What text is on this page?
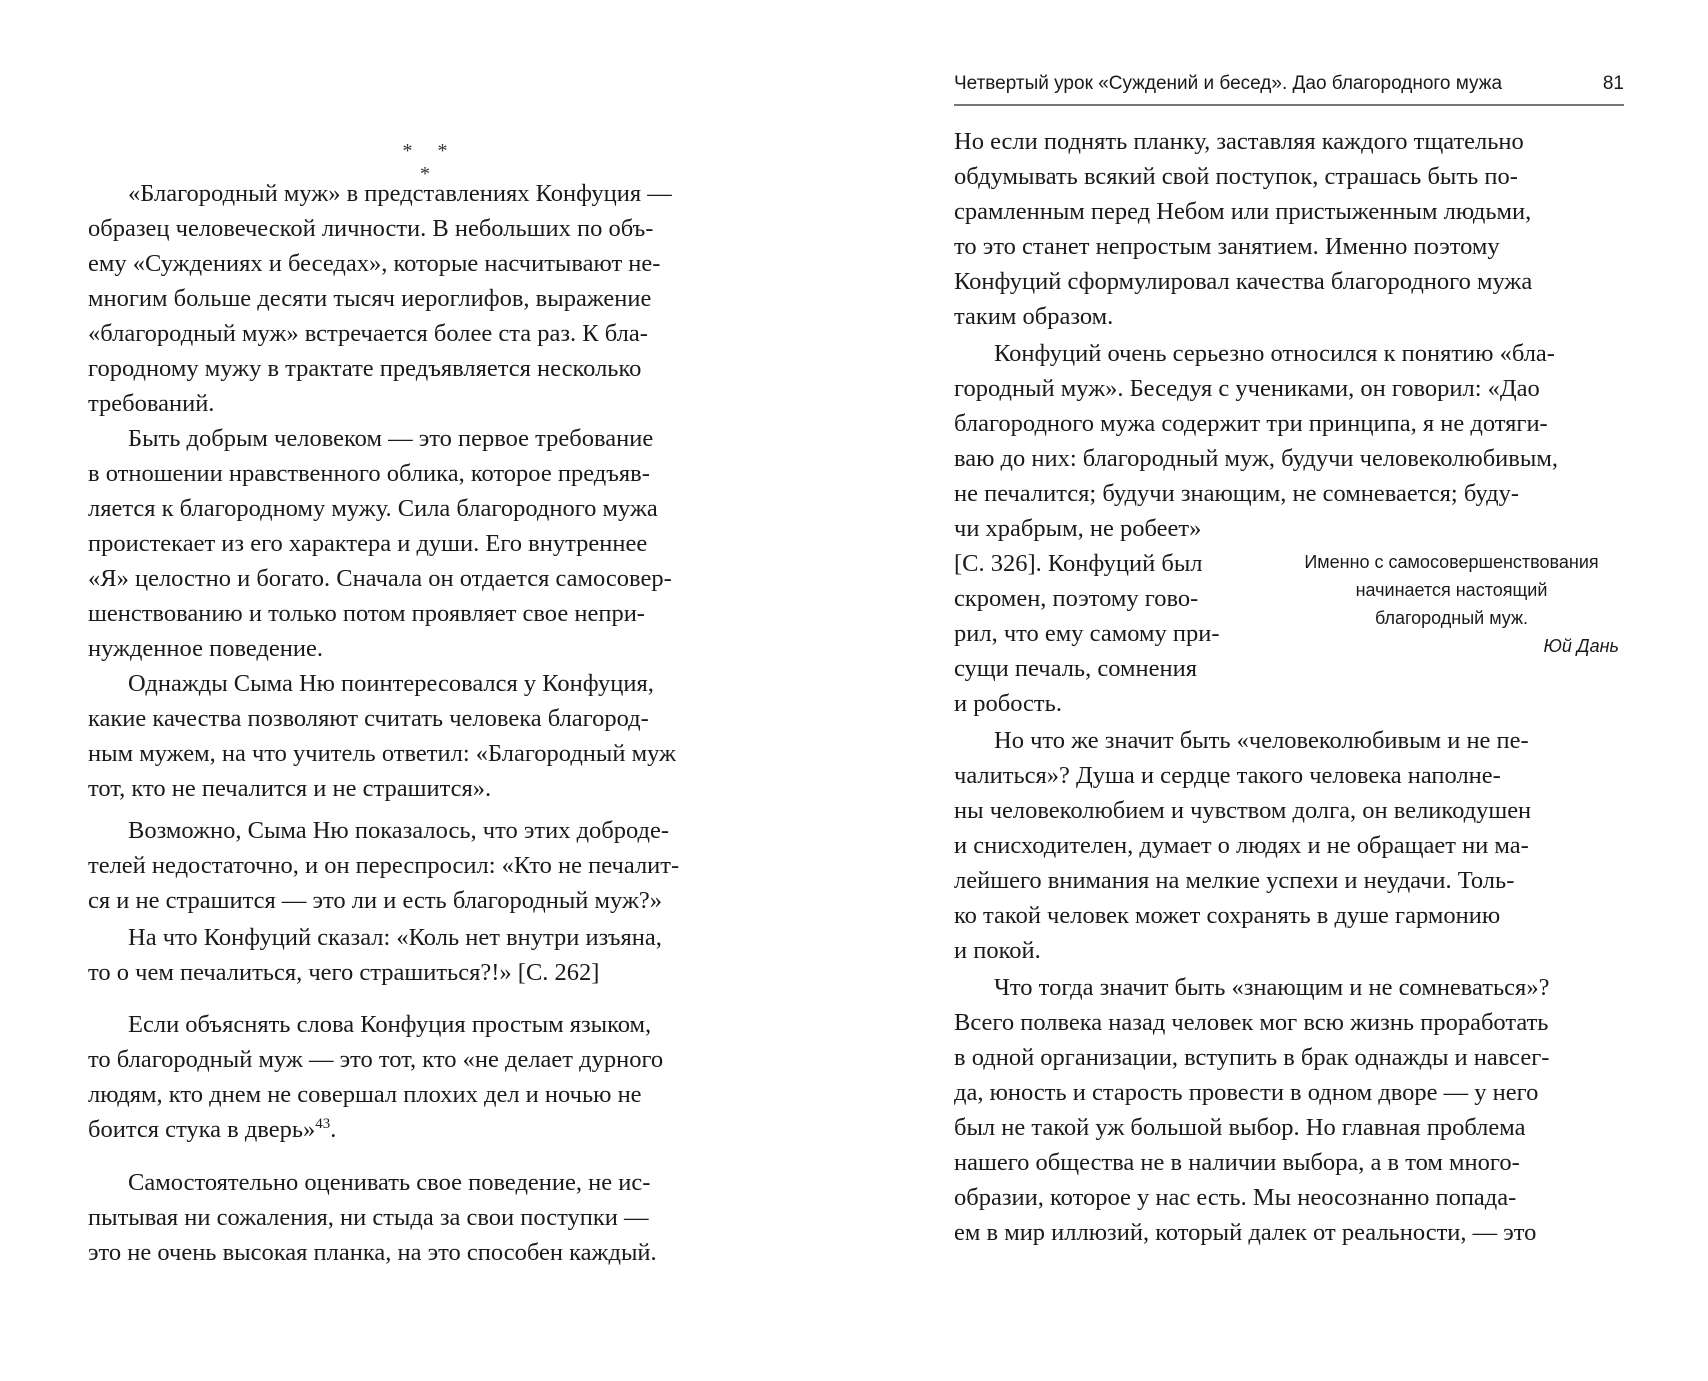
* * *
«Благородный муж» в представлениях Конфуция —
образец человеческой личности. В небольших по объ-
ему «Суждениях и беседах», которые насчитывают не-
многим больше десяти тысяч иероглифов, выражение
«благородный муж» встречается более ста раз. К бла-
городному мужу в трактате предъявляется несколько
требований.
Быть добрым человеком — это первое требование
в отношении нравственного облика, которое предъяв-
ляется к благородному мужу. Сила благородного мужа
проистекает из его характера и души. Его внутреннее
«Я» целостно и богато. Сначала он отдается самосовер-
шенствованию и только потом проявляет свое непри-
нужденное поведение.
Однажды Сыма Ню поинтересовался у Конфуция,
какие качества позволяют считать человека благород-
ным мужем, на что учитель ответил: «Благородный муж
тот, кто не печалится и не страшится».
Возможно, Сыма Ню показалось, что этих доброде-
телей недостаточно, и он переспросил: «Кто не печалит-
ся и не страшится — это ли и есть благородный муж?»
На что Конфуций сказал: «Коль нет внутри изъяна,
то о чем печалиться, чего страшиться?!» [С. 262]
Если объяснять слова Конфуция простым языком,
то благородный муж — это тот, кто «не делает дурного
людям, кто днем не совершал плохих дел и ночью не
боится стука в дверь»$^{43}$.
Самостоятельно оценивать свое поведение, не ис-
пытывая ни сожаления, ни стыда за свои поступки —
это не очень высокая планка, на это способен каждый.
Четвертый урок «Суждений и бесед». Дао благородного мужа	81
Но если поднять планку, заставляя каждого тщательно
обдумывать всякий свой поступок, страшась быть по-
срамленным перед Небом или пристыженным людьми,
то это станет непростым занятием. Именно поэтому
Конфуций сформулировал качества благородного мужа
таким образом.
Конфуций очень серьезно относился к понятию «бла-
городный муж». Беседуя с учениками, он говорил: «Дао
благородного мужа содержит три принципа, я не дотяги-
ваю до них: благородный муж, будучи человеколюбивым,
не печалится; будучи знающим, не сомневается; буду-
чи храбрым, не робеет»
[С. 326]. Конфуций был
скромен, поэтому гово-
рил, что ему самому при-
сущи печаль, сомнения
и робость.
Но что же значит быть «человеколюбивым и не пе-
чалиться»? Душа и сердце такого человека наполне-
ны человеколюбием и чувством долга, он великодушен
и снисходителен, думает о людях и не обращает ни ма-
лейшего внимания на мелкие успехи и неудачи. Толь-
ко такой человек может сохранять в душе гармонию
и покой.
Что тогда значит быть «знающим и не сомневаться»?
Всего полвека назад человек мог всю жизнь проработать
в одной организации, вступить в брак однажды и навсег-
да, юность и старость провести в одном дворе — у него
был не такой уж большой выбор. Но главная проблема
нашего общества не в наличии выбора, а в том много-
образии, которое у нас есть. Мы неосознанно попада-
ем в мир иллюзий, который далек от реальности, — это
Именно с самосовершенствования
начинается настоящий
благородный муж.
Юй Дань
